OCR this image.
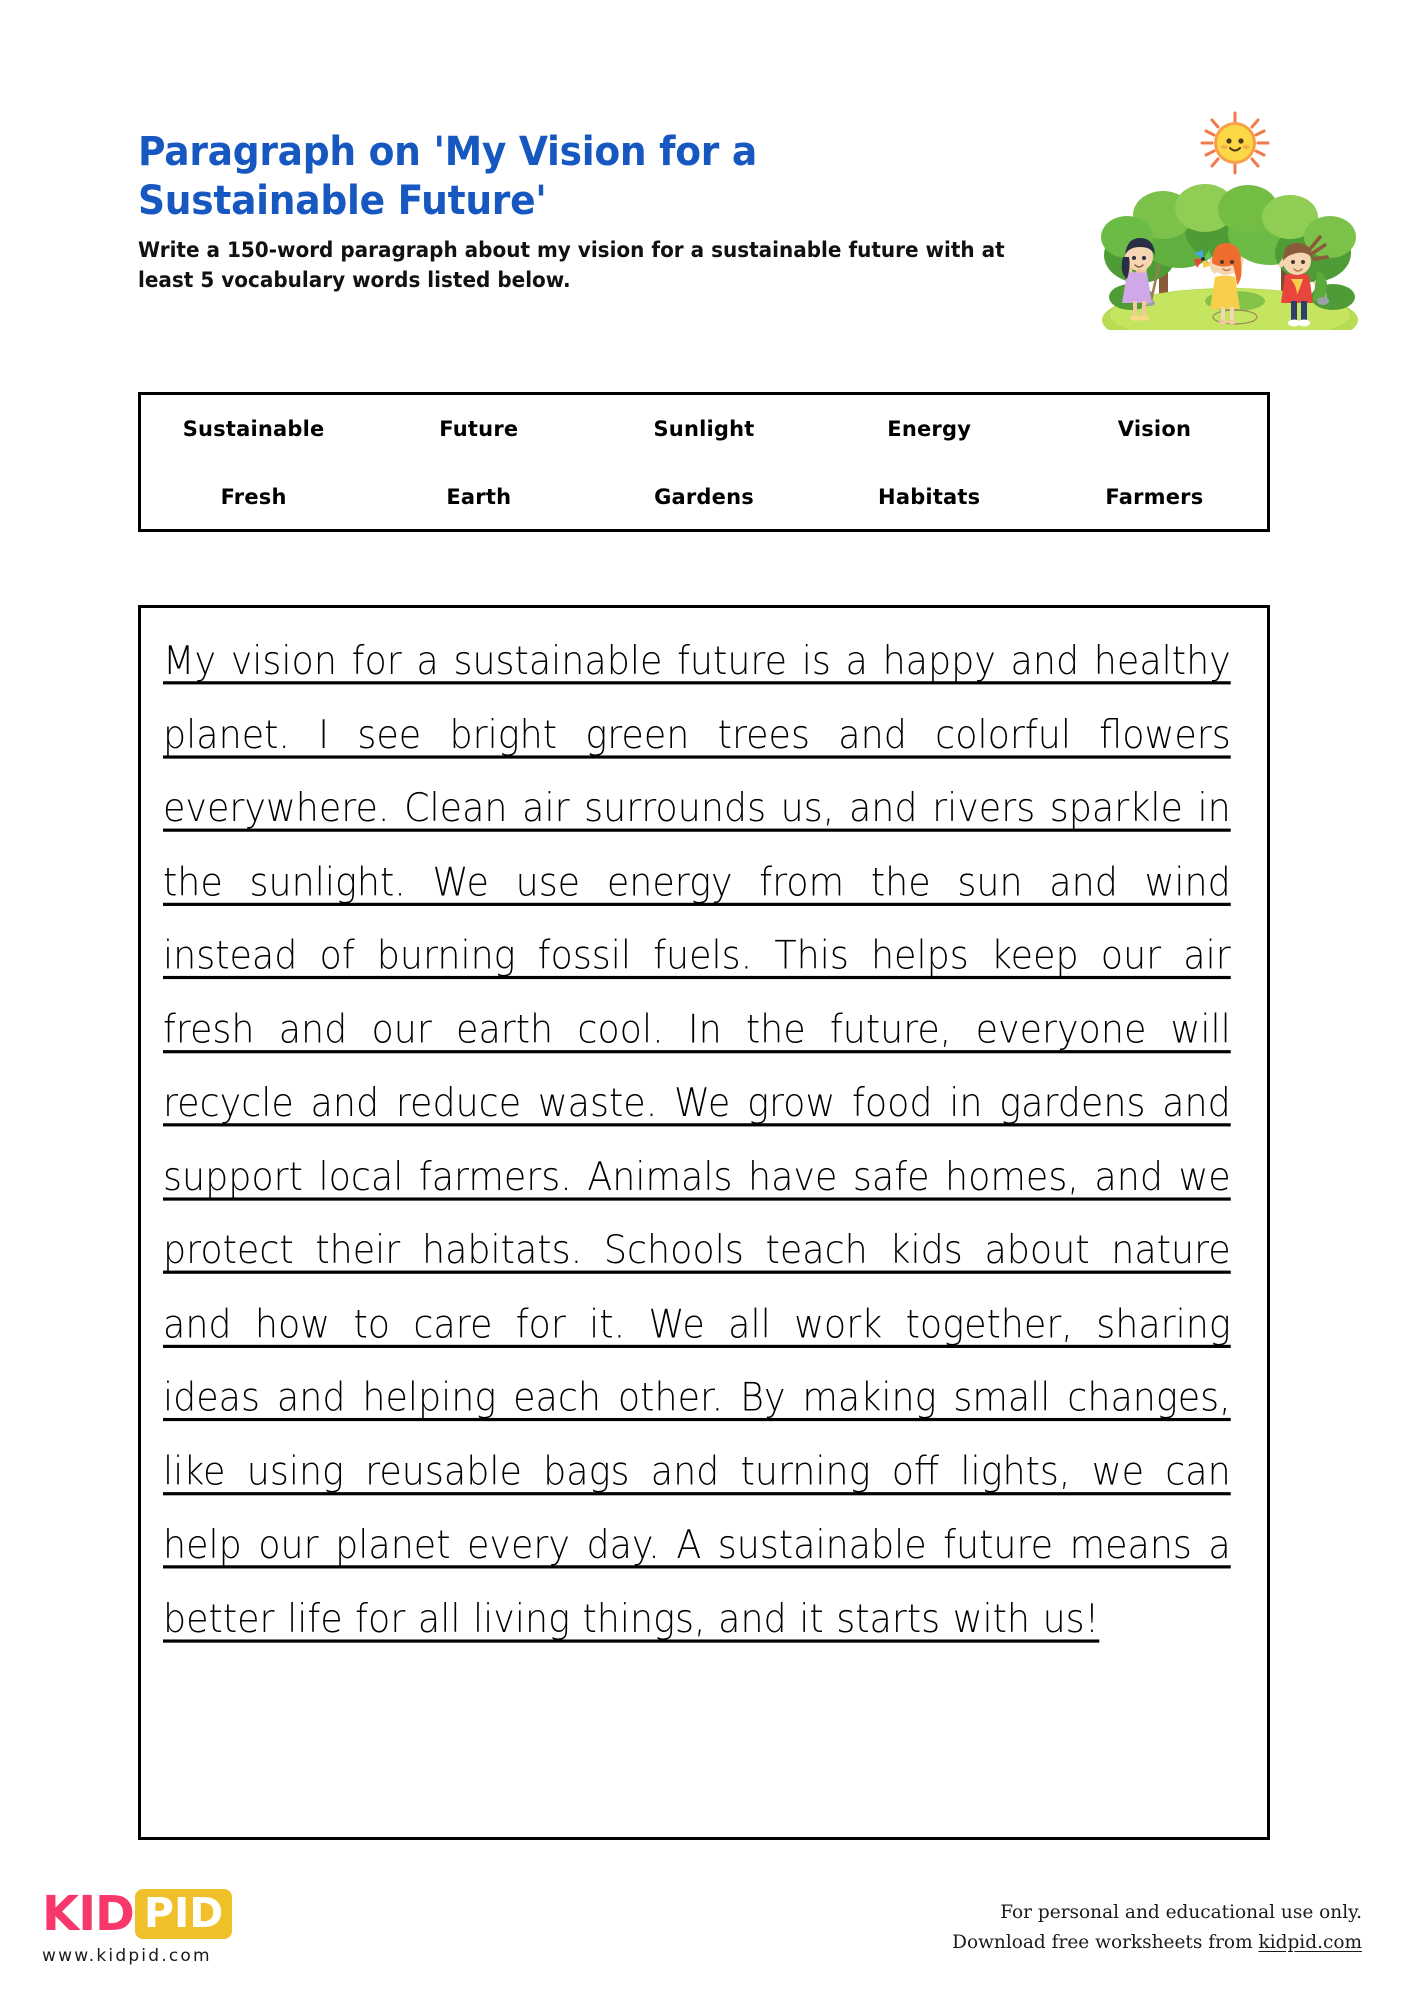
Paragraph on 'My Vision for a Sustainable Future'

Write a 150-word paragraph about my vision for a sustainable future with at least 5 vocabulary words listed below.

Sustainable	Future	Sunlight	Energy	Vision
Fresh	Earth	Gardens	Habitats	Farmers
My vision for a sustainable future is a happy and healthy planet. I see bright green trees and colorful flowers everywhere. Clean air surrounds us, and rivers sparkle in the sunlight. We use energy from the sun and wind instead of burning fossil fuels. This helps keep our air fresh and our earth cool. In the future, everyone will recycle and reduce waste. We grow food in gardens and support local farmers. Animals have safe homes, and we protect their habitats. Schools teach kids about nature and how to care for it. We all work together, sharing ideas and helping each other. By making small changes, like using reusable bags and turning off lights, we can help our planet every day. A sustainable future means a better life for all living things, and it starts with us!
KID PID
www.kidpid.com
For personal and educational use only.
Download free worksheets from kidpid.com
